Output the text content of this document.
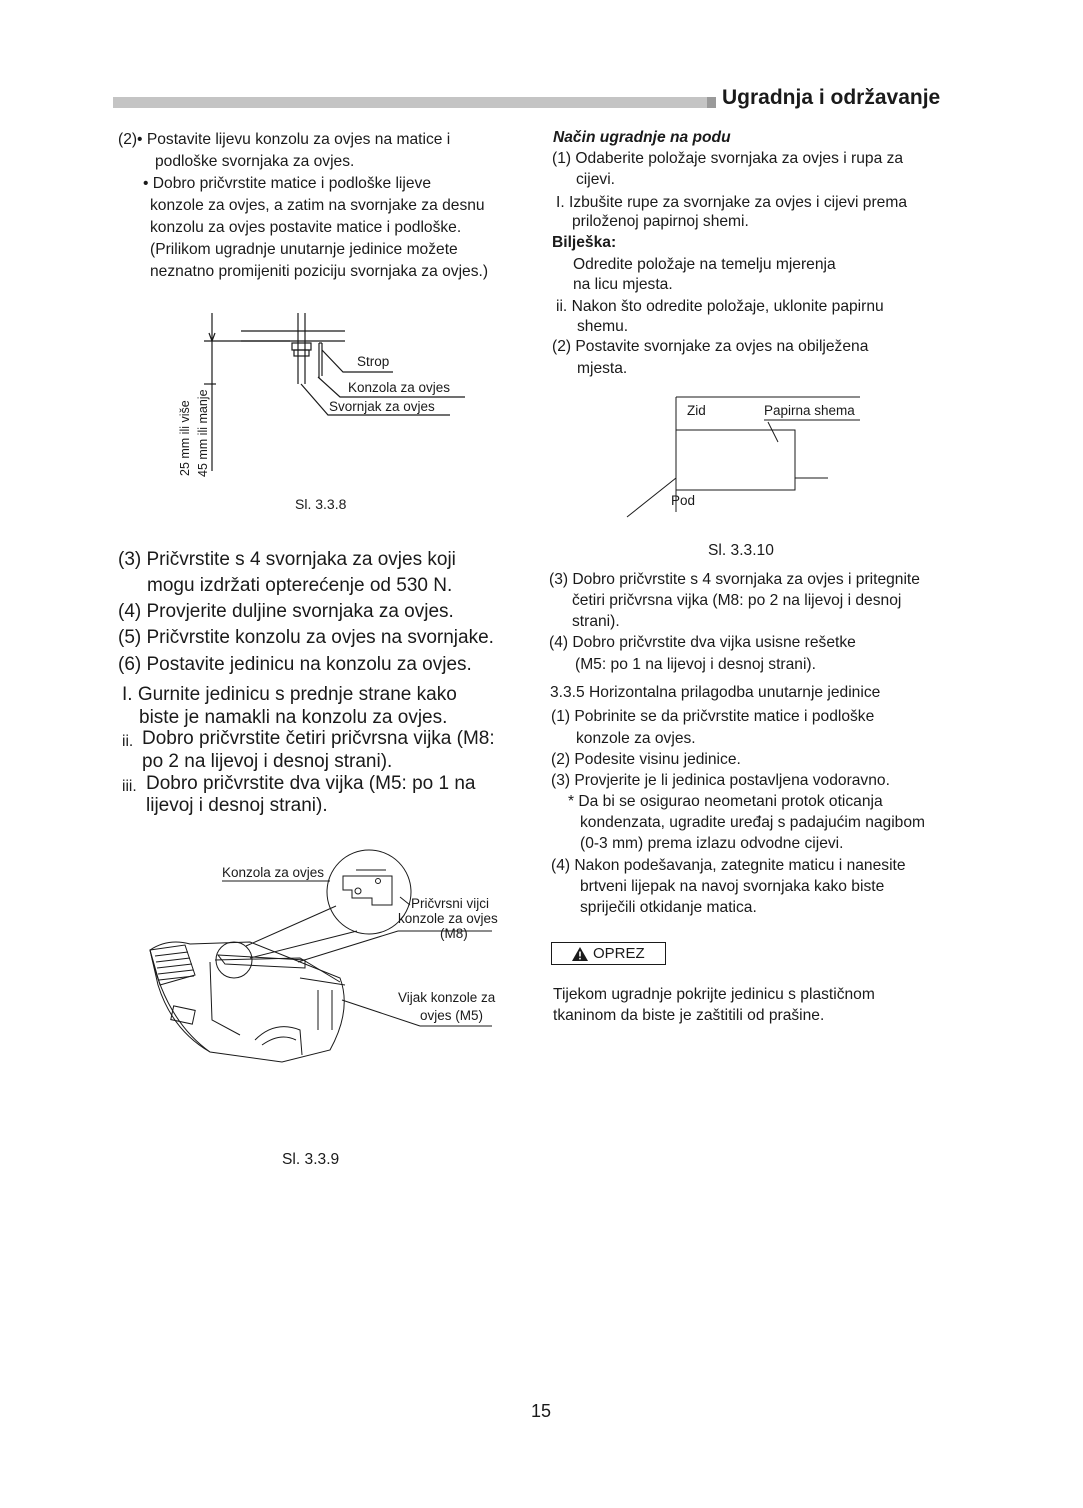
Ugradnja i održavanje
(2)• Postavite lijevu konzolu za ovjes na matice i
podloške svornjaka za ovjes.
• Dobro pričvrstite matice i podloške lijeve
konzole za ovjes, a zatim na svornjake za desnu
konzolu za ovjes postavite matice i podloške.
(Prilikom ugradnje unutarnje jedinice možete
neznatno promijeniti poziciju svornjaka za ovjes.)
Strop
Konzola za ovjes
Svornjak za ovjes
25 mm ili više 45 mm ili manje
Sl. 3.3.8
(3) Pričvrstite s 4 svornjaka za ovjes koji
mogu izdržati opterećenje od 530 N.
(4) Provjerite duljine svornjaka za ovjes.
(5) Pričvrstite konzolu za ovjes na svornjake.
(6) Postavite jedinicu na konzolu za ovjes.
I. Gurnite jedinicu s prednje strane kako
biste je namakli na konzolu za ovjes.
ii. Dobro pričvrstite četiri pričvrsna vijka (M8:
po 2 na lijevoj i desnoj strani).
iii. Dobro pričvrstite dva vijka (M5: po 1 na
lijevoj i desnoj strani).
Konzola za ovjes
Pričvrsni vijci
konzole za ovjes
(M8)
Vijak konzole za
ovjes (M5)
Sl. 3.3.9
Način ugradnje na podu
(1) Odaberite položaje svornjaka za ovjes i rupa za
cijevi.
I. Izbušite rupe za svornjake za ovjes i cijevi prema
priloženoj papirnoj shemi.
Bilješka:
Odredite položaje na temelju mjerenja
na licu mjesta.
ii. Nakon što odredite položaje, uklonite papirnu
shemu.
(2) Postavite svornjake za ovjes na obilježena
mjesta.
Zid	Papirna shema
Pod
Sl. 3.3.10
(3) Dobro pričvrstite s 4 svornjaka za ovjes i pritegnite
četiri pričvrsna vijka (M8: po 2 na lijevoj i desnoj
strani).
(4) Dobro pričvrstite dva vijka usisne rešetke
(M5: po 1 na lijevoj i desnoj strani).
3.3.5 Horizontalna prilagodba unutarnje jedinice
(1) Pobrinite se da pričvrstite matice i podloške
konzole za ovjes.
(2) Podesite visinu jedinice.
(3) Provjerite je li jedinica postavljena vodoravno.
* Da bi se osigurao neometani protok oticanja
kondenzata, ugradite uređaj s padajućim nagibom
(0-3 mm) prema izlazu odvodne cijevi.
(4) Nakon podešavanja, zategnite maticu i nanesite
brtveni lijepak na navoj svornjaka kako biste
spriječili otkidanje matica.
OPREZ
Tijekom ugradnje pokrijte jedinicu s plastičnom
tkaninom da biste je zaštitili od prašine.
15
